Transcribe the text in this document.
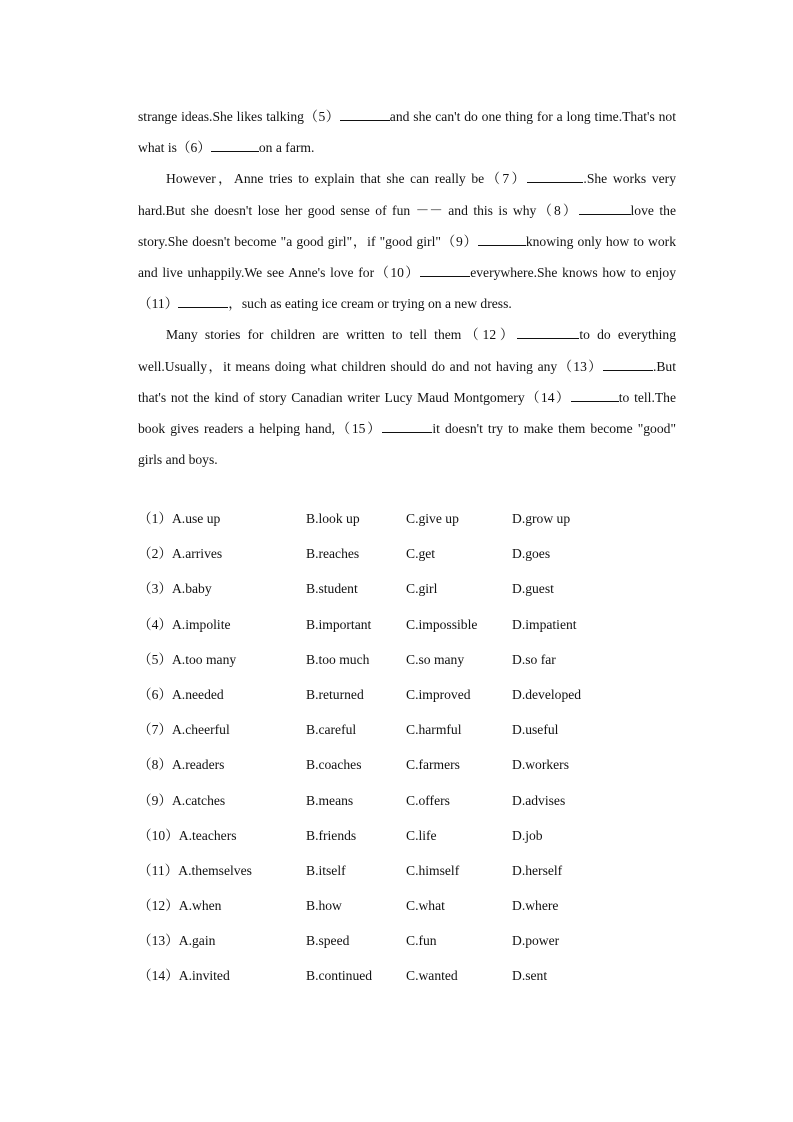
strange ideas.She likes talking（5）	and she can't do one thing for a long time.That's not what is（6）	on a farm.

However，Anne tries to explain that she can really be（7）	.She works very hard.But she doesn't lose her good sense of fun －－ and this is why（8）	love the story.She doesn't become "a good girl"，if "good girl"（9）	knowing only how to work and live unhappily.We see Anne's love for（10）	everywhere.She knows how to enjoy（11）	，such as eating ice cream or trying on a new dress.

Many stories for children are written to tell them（12）	to do everything well.Usually，it means doing what children should do and not having any（13）	.But that's not the kind of story Canadian writer Lucy Maud Montgomery（14）	to tell.The book gives readers a helping hand,（15）	it doesn't try to make them become "good" girls and boys.

（1）A.use up	B.look up	C.give up	D.grow up
（2）A.arrives	B.reaches	C.get	D.goes
（3）A.baby	B.student	C.girl	D.guest
（4）A.impolite	B.important	C.impossible	D.impatient
（5）A.too many	B.too much	C.so many	D.so far
（6）A.needed	B.returned	C.improved	D.developed
（7）A.cheerful	B.careful	C.harmful	D.useful
（8）A.readers	B.coaches	C.farmers	D.workers
（9）A.catches	B.means	C.offers	D.advises
（10）A.teachers	B.friends	C.life	D.job
（11）A.themselves	B.itself	C.himself	D.herself
（12）A.when	B.how	C.what	D.where
（13）A.gain	B.speed	C.fun	D.power
（14）A.invited	B.continued C.wanted	D.sent
